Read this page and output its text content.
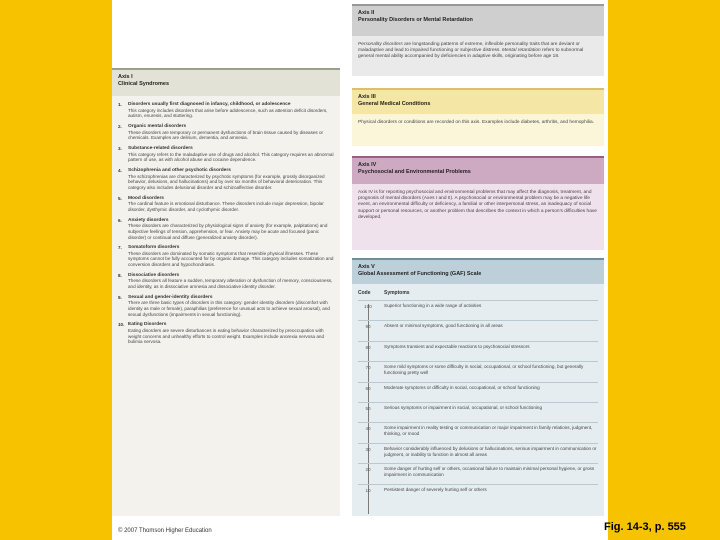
Axis I
Clinical Syndromes
1.	Disorders usually first diagnosed in infancy, childhood, or adolescence
This category includes disorders that arise before adolescence, such as attention deficit disorders, autism, enuresis, and stuttering.
2.	Organic mental disorders
These disorders are temporary or permanent dysfunctions of brain tissue caused by diseases or chemicals. Examples are delirium, dementia, and amnesia.
3.	Substance-related disorders
This category refers to the maladaptive use of drugs and alcohol. This category requires an abnormal pattern of use, as with alcohol abuse and cocaine dependence.
4.	Schizophrenia and other psychotic disorders
The schizophrenias are characterized by psychotic symptoms (for example, grossly disorganized behavior, delusions, and hallucinations) and by over six months of behavioral deterioration. This category also includes delusional disorder and schizoaffective disorder.
5.	Mood disorders
The cardinal feature is emotional disturbance. These disorders include major depression, bipolar disorder, dysthymic disorder, and cyclothymic disorder.
6.	Anxiety disorders
These disorders are characterized by physiological signs of anxiety (for example, palpitations) and subjective feelings of tension, apprehension, or fear. Anxiety may be acute and focused (panic disorder) or continual and diffuse (generalized anxiety disorder).
7.	Somatoform disorders
These disorders are dominated by somatic symptoms that resemble physical illnesses. These symptoms cannot be fully accounted for by organic damage. This category includes somatization and conversion disorders and hypochondriasis.
8.	Dissociative disorders
These disorders all feature a sudden, temporary alteration or dysfunction of memory, consciousness, and identity, as in dissociative amnesia and dissociative identity disorder.
9.	Sexual and gender-identity disorders
There are three basic types of disorders in this category: gender identity disorders (discomfort with identity as male or female), paraphilias (preference for unusual acts to achieve sexual arousal), and sexual dysfunctions (impairments in sexual functioning).
10. Eating Disorders
Eating disorders are severe disturbances in eating behavior characterized by preoccupation with weight concerns and unhealthy efforts to control weight. Examples include anorexia nervosa and bulimia nervosa.
Axis II
Personality Disorders or Mental Retardation
Personality disorders are longstanding patterns of extreme, inflexible personality traits that are deviant or maladaptive and lead to impaired functioning or subjective distress. Mental retardation refers to subnormal general mental ability accompanied by deficiencies in adaptive skills, originating before age 18.
Axis III
General Medical Conditions
Physical disorders or conditions are recorded on this axis. Examples include diabetes, arthritis, and hemophilia.
Axis IV
Psychosocial and Environmental Problems
Axis IV is for reporting psychosocial and environmental problems that may affect the diagnosis, treatment, and prognosis of mental disorders (Axes I and II). A psychosocial or environmental problem may be a negative life event, an environmental difficulty or deficiency, a familial or other interpersonal stress, an inadequacy of social support or personal resources, or another problem that describes the context in which a person's difficulties have developed.
Axis V
Global Assessment of Functioning (GAF) Scale
Code	Symptoms
100	Superior functioning in a wide range of activities
90	Absent or minimal symptoms, good functioning in all areas
80	Symptoms transient and expectable reactions to psychosocial stressors
70	Some mild symptoms or some difficulty in social, occupational, or school functioning, but generally functioning pretty well
60	Moderate symptoms or difficulty in social, occupational, or school functioning
50	Serious symptoms or impairment in social, occupational, or school functioning
40	Some impairment in reality testing or communication or major impairment in family relations, judgment, thinking, or mood
30	Behavior considerably influenced by delusions or hallucinations, serious impairment in communication or judgment, or inability to function in almost all areas
20	Some danger of hurting self or others, occasional failure to maintain minimal personal hygiene, or gross impairment in communication
10	Persistent danger of severely hurting self or others
© 2007 Thomson Higher Education	Fig. 14-3, p. 555
